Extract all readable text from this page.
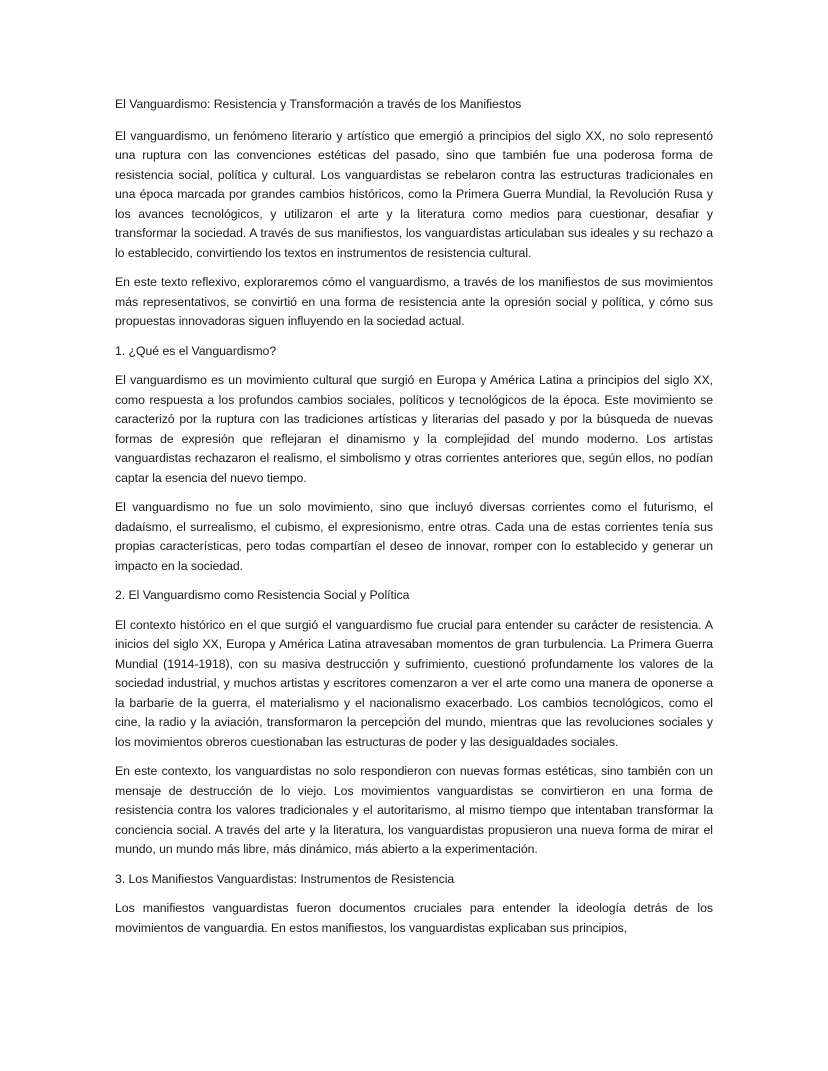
El Vanguardismo: Resistencia y Transformación a través de los Manifiestos

El vanguardismo, un fenómeno literario y artístico que emergió a principios del siglo XX, no solo representó una ruptura con las convenciones estéticas del pasado, sino que también fue una poderosa forma de resistencia social, política y cultural. Los vanguardistas se rebelaron contra las estructuras tradicionales en una época marcada por grandes cambios históricos, como la Primera Guerra Mundial, la Revolución Rusa y los avances tecnológicos, y utilizaron el arte y la literatura como medios para cuestionar, desafiar y transformar la sociedad. A través de sus manifiestos, los vanguardistas articulaban sus ideales y su rechazo a lo establecido, convirtiendo los textos en instrumentos de resistencia cultural.

En este texto reflexivo, exploraremos cómo el vanguardismo, a través de los manifiestos de sus movimientos más representativos, se convirtió en una forma de resistencia ante la opresión social y política, y cómo sus propuestas innovadoras siguen influyendo en la sociedad actual.

1. ¿Qué es el Vanguardismo?

El vanguardismo es un movimiento cultural que surgió en Europa y América Latina a principios del siglo XX, como respuesta a los profundos cambios sociales, políticos y tecnológicos de la época. Este movimiento se caracterizó por la ruptura con las tradiciones artísticas y literarias del pasado y por la búsqueda de nuevas formas de expresión que reflejaran el dinamismo y la complejidad del mundo moderno. Los artistas vanguardistas rechazaron el realismo, el simbolismo y otras corrientes anteriores que, según ellos, no podían captar la esencia del nuevo tiempo.

El vanguardismo no fue un solo movimiento, sino que incluyó diversas corrientes como el futurismo, el dadaísmo, el surrealismo, el cubismo, el expresionismo, entre otras. Cada una de estas corrientes tenía sus propias características, pero todas compartían el deseo de innovar, romper con lo establecido y generar un impacto en la sociedad.

2. El Vanguardismo como Resistencia Social y Política

El contexto histórico en el que surgió el vanguardismo fue crucial para entender su carácter de resistencia. A inicios del siglo XX, Europa y América Latina atravesaban momentos de gran turbulencia. La Primera Guerra Mundial (1914-1918), con su masiva destrucción y sufrimiento, cuestionó profundamente los valores de la sociedad industrial, y muchos artistas y escritores comenzaron a ver el arte como una manera de oponerse a la barbarie de la guerra, el materialismo y el nacionalismo exacerbado. Los cambios tecnológicos, como el cine, la radio y la aviación, transformaron la percepción del mundo, mientras que las revoluciones sociales y los movimientos obreros cuestionaban las estructuras de poder y las desigualdades sociales.

En este contexto, los vanguardistas no solo respondieron con nuevas formas estéticas, sino también con un mensaje de destrucción de lo viejo. Los movimientos vanguardistas se convirtieron en una forma de resistencia contra los valores tradicionales y el autoritarismo, al mismo tiempo que intentaban transformar la conciencia social. A través del arte y la literatura, los vanguardistas propusieron una nueva forma de mirar el mundo, un mundo más libre, más dinámico, más abierto a la experimentación.

3. Los Manifiestos Vanguardistas: Instrumentos de Resistencia

Los manifiestos vanguardistas fueron documentos cruciales para entender la ideología detrás de los movimientos de vanguardia. En estos manifiestos, los vanguardistas explicaban sus principios,
